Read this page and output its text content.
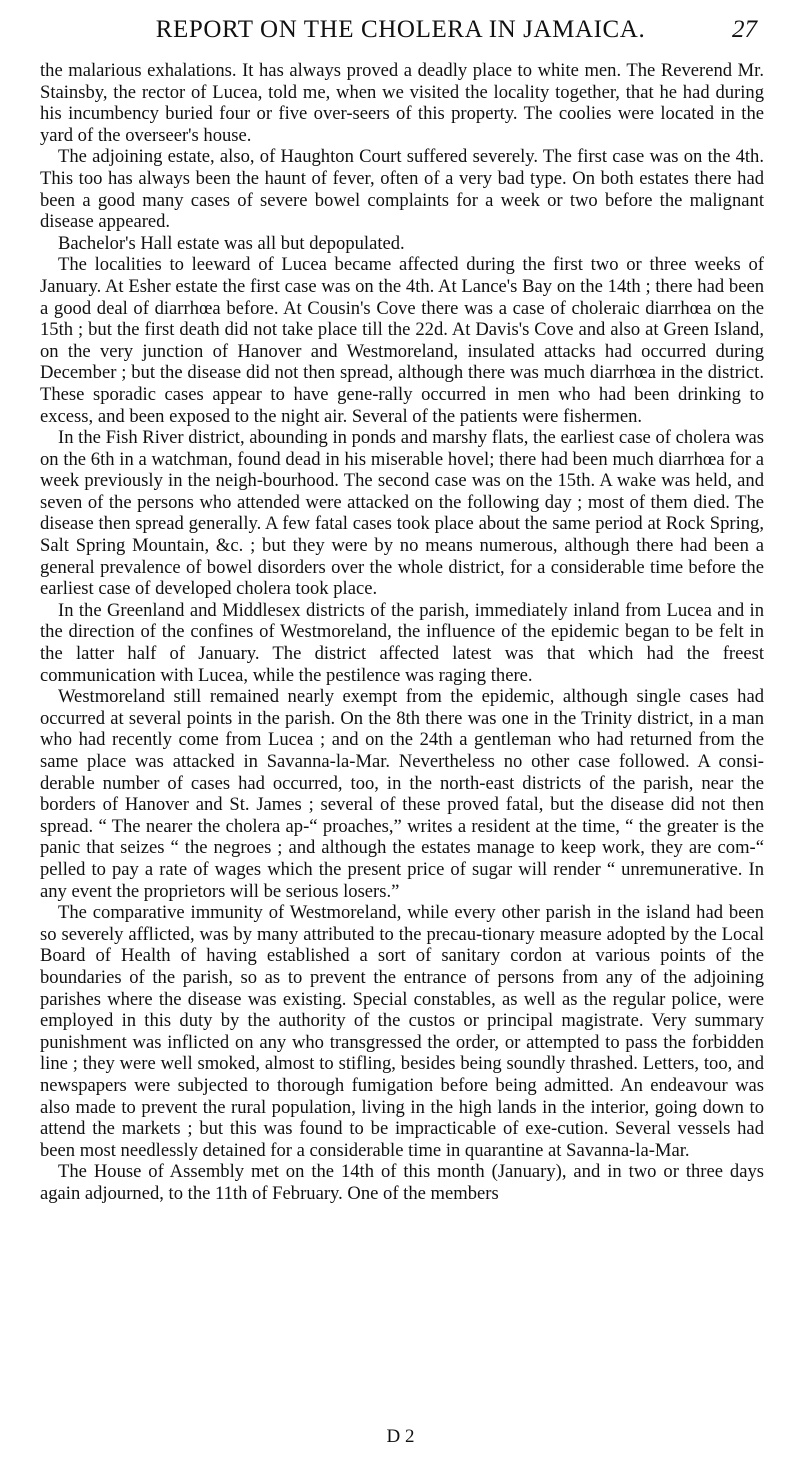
REPORT ON THE CHOLERA IN JAMAICA.	27

the malarious exhalations. It has always proved a deadly place to white men. The Reverend Mr. Stainsby, the rector of Lucea, told me, when we visited the locality together, that he had during his incumbency buried four or five over-seers of this property. The coolies were located in the yard of the overseer's house.

The adjoining estate, also, of Haughton Court suffered severely. The first case was on the 4th. This too has always been the haunt of fever, often of a very bad type. On both estates there had been a good many cases of severe bowel complaints for a week or two before the malignant disease appeared.

Bachelor's Hall estate was all but depopulated.

The localities to leeward of Lucea became affected during the first two or three weeks of January. At Esher estate the first case was on the 4th. At Lance's Bay on the 14th ; there had been a good deal of diarrhœa before. At Cousin's Cove there was a case of choleraic diarrhœa on the 15th ; but the first death did not take place till the 22d. At Davis's Cove and also at Green Island, on the very junction of Hanover and Westmoreland, insulated attacks had occurred during December ; but the disease did not then spread, although there was much diarrhœa in the district. These sporadic cases appear to have gene-rally occurred in men who had been drinking to excess, and been exposed to the night air. Several of the patients were fishermen.

In the Fish River district, abounding in ponds and marshy flats, the earliest case of cholera was on the 6th in a watchman, found dead in his miserable hovel; there had been much diarrhœa for a week previously in the neigh-bourhood. The second case was on the 15th. A wake was held, and seven of the persons who attended were attacked on the following day ; most of them died. The disease then spread generally. A few fatal cases took place about the same period at Rock Spring, Salt Spring Mountain, &c. ; but they were by no means numerous, although there had been a general prevalence of bowel disorders over the whole district, for a considerable time before the earliest case of developed cholera took place.

In the Greenland and Middlesex districts of the parish, immediately inland from Lucea and in the direction of the confines of Westmoreland, the influence of the epidemic began to be felt in the latter half of January. The district affected latest was that which had the freest communication with Lucea, while the pestilence was raging there.

Westmoreland still remained nearly exempt from the epidemic, although single cases had occurred at several points in the parish. On the 8th there was one in the Trinity district, in a man who had recently come from Lucea ; and on the 24th a gentleman who had returned from the same place was attacked in Savanna-la-Mar. Nevertheless no other case followed. A consi-derable number of cases had occurred, too, in the north-east districts of the parish, near the borders of Hanover and St. James ; several of these proved fatal, but the disease did not then spread. “ The nearer the cholera ap-“ proaches,” writes a resident at the time, “ the greater is the panic that seizes “ the negroes ; and although the estates manage to keep work, they are com-“ pelled to pay a rate of wages which the present price of sugar will render “ unremunerative. In any event the proprietors will be serious losers.”

The comparative immunity of Westmoreland, while every other parish in the island had been so severely afflicted, was by many attributed to the precau-tionary measure adopted by the Local Board of Health of having established a sort of sanitary cordon at various points of the boundaries of the parish, so as to prevent the entrance of persons from any of the adjoining parishes where the disease was existing. Special constables, as well as the regular police, were employed in this duty by the authority of the custos or principal magistrate. Very summary punishment was inflicted on any who transgressed the order, or attempted to pass the forbidden line ; they were well smoked, almost to stifling, besides being soundly thrashed. Letters, too, and newspapers were subjected to thorough fumigation before being admitted. An endeavour was also made to prevent the rural population, living in the high lands in the interior, going down to attend the markets ; but this was found to be impracticable of exe-cution. Several vessels had been most needlessly detained for a considerable time in quarantine at Savanna-la-Mar.

The House of Assembly met on the 14th of this month (January), and in two or three days again adjourned, to the 11th of February. One of the members

D 2
